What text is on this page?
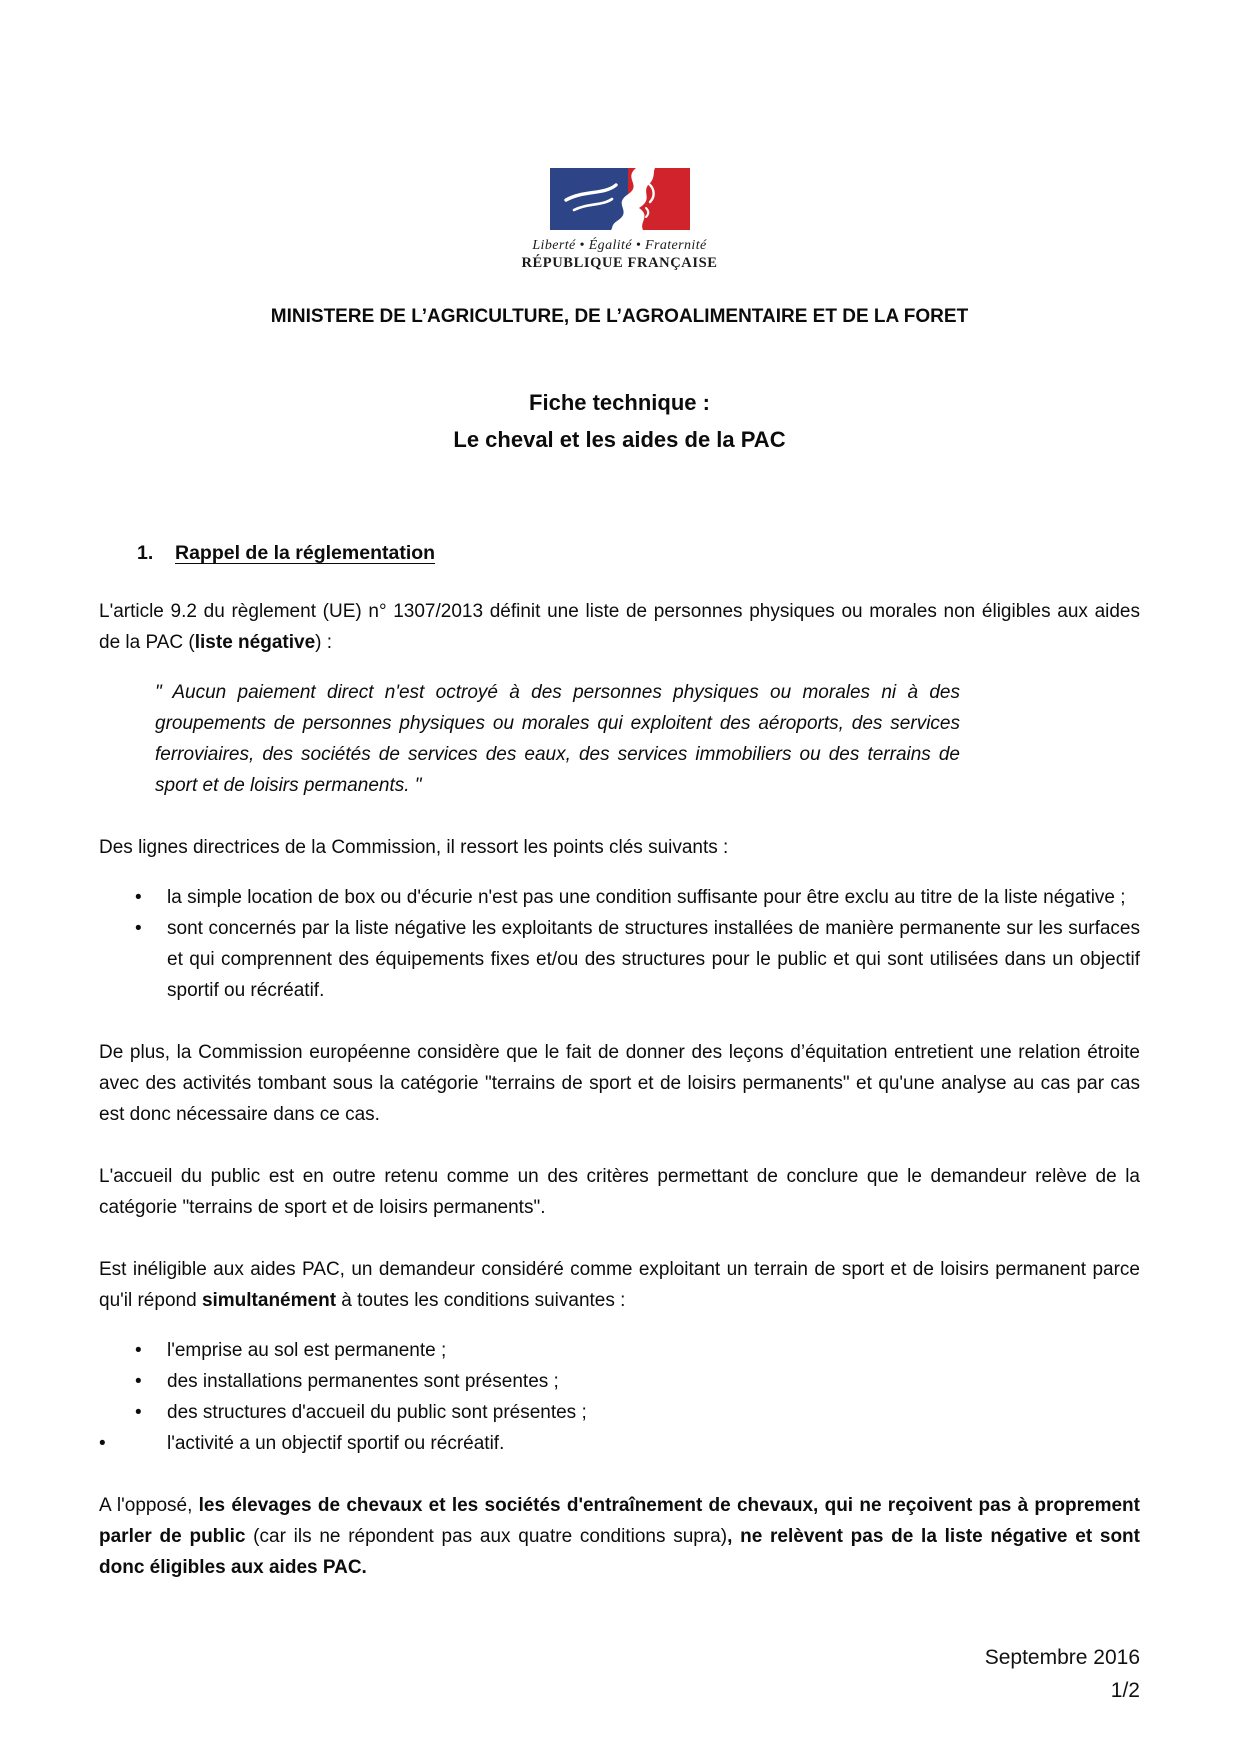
Liberté • Égalité • Fraternité
RÉPUBLIQUE FRANÇAISE
MINISTERE DE L’AGRICULTURE, DE L’AGROALIMENTAIRE ET DE LA FORET
Fiche technique :
Le cheval et les aides de la PAC
1. Rappel de la réglementation

L'article 9.2 du règlement (UE) n° 1307/2013 définit une liste de personnes physiques ou morales non éligibles aux aides de la PAC (liste négative) :

" Aucun paiement direct n'est octroyé à des personnes physiques ou morales ni à des groupements de personnes physiques ou morales qui exploitent des aéroports, des services ferroviaires, des sociétés de services des eaux, des services immobiliers ou des terrains de sport et de loisirs permanents. "

Des lignes directrices de la Commission, il ressort les points clés suivants :

•	la simple location de box ou d'écurie n'est pas une condition suffisante pour être exclu au titre de la liste négative ;
•	sont concernés par la liste négative les exploitants de structures installées de manière permanente sur les surfaces et qui comprennent des équipements fixes et/ou des structures pour le public et qui sont utilisées dans un objectif sportif ou récréatif.

De plus, la Commission européenne considère que le fait de donner des leçons d’équitation entretient une relation étroite avec des activités tombant sous la catégorie "terrains de sport et de loisirs permanents" et qu'une analyse au cas par cas est donc nécessaire dans ce cas.

L'accueil du public est en outre retenu comme un des critères permettant de conclure que le demandeur relève de la catégorie "terrains de sport et de loisirs permanents".

Est inéligible aux aides PAC, un demandeur considéré comme exploitant un terrain de sport et de loisirs permanent parce qu'il répond simultanément à toutes les conditions suivantes :

•	l'emprise au sol est permanente ;
•	des installations permanentes sont présentes ;
•	des structures d'accueil du public sont présentes ;
•	l'activité a un objectif sportif ou récréatif.

A l'opposé, les élevages de chevaux et les sociétés d'entraînement de chevaux, qui ne reçoivent pas à proprement parler de public (car ils ne répondent pas aux quatre conditions supra), ne relèvent pas de la liste négative et sont donc éligibles aux aides PAC.

Septembre 2016
1/2
